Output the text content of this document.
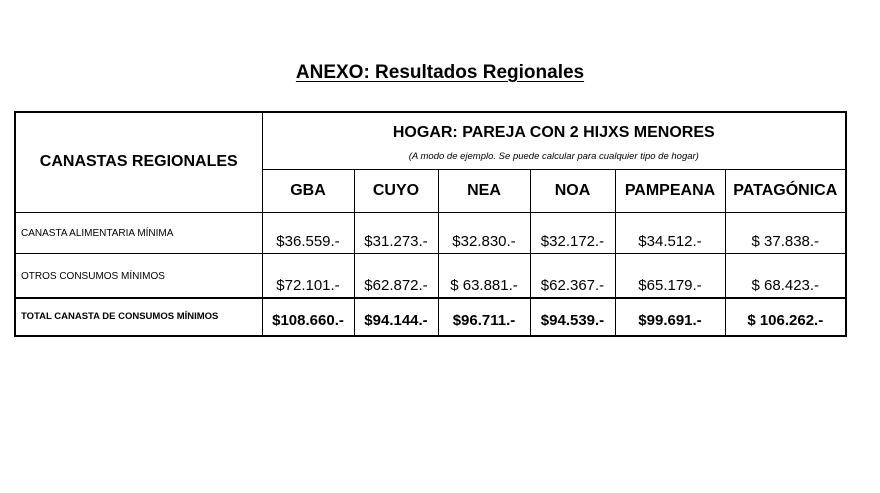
ANEXO: Resultados Regionales
CANASTAS REGIONALES	HOGAR: PAREJA CON 2 HIJXS MENORES
(A modo de ejemplo. Se puede calcular para cualquier tipo de hogar)					

	GBA	CUYO	NEA	NOA	PAMPEANA	PATAGÓNICA
CANASTA ALIMENTARIA MÍNIMA	$36.559.-	$31.273.-	$32.830.-	$32.172.-	$34.512.-	$ 37.838.-
OTROS CONSUMOS MÍNIMOS	$72.101.-	$62.872.-	$ 63.881.-	$62.367.-	$65.179.-	$ 68.423.-
TOTAL CANASTA DE CONSUMOS MÍNIMOS	$108.660.-	$94.144.-	$96.711.-	$94.539.-	$99.691.-	$ 106.262.-
